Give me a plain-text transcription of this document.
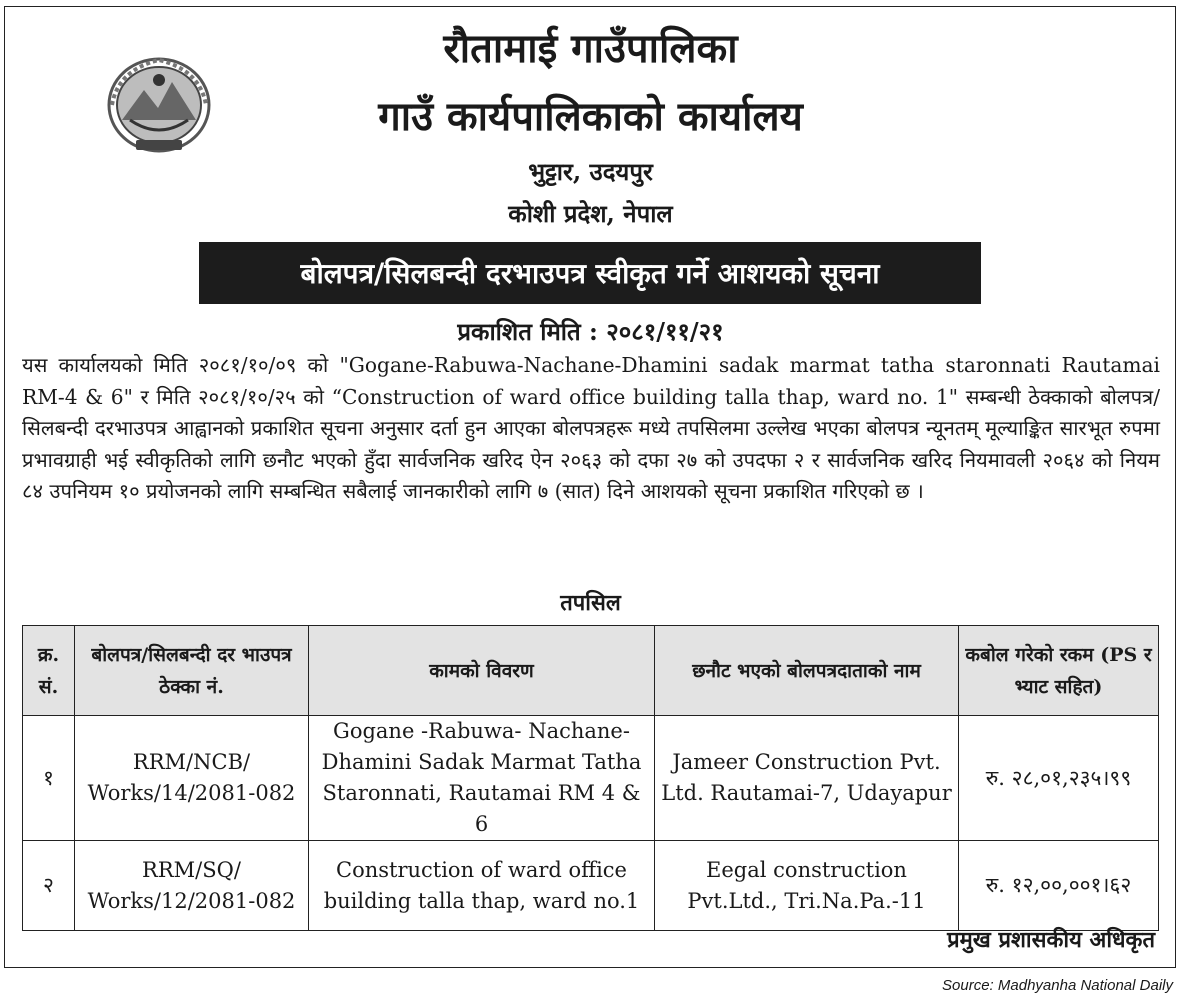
रौतामाई गाउँपालिका
गाउँ कार्यपालिकाको कार्यालय
भुट्टार, उदयपुर
कोशी प्रदेश, नेपाल
बोलपत्र/सिलबन्दी दरभाउपत्र स्वीकृत गर्ने आशयको सूचना
प्रकाशित मिति : २०८१/११/२१

यस कार्यालयको मिति २०८१/१०/०९ को "Gogane-Rabuwa-Nachane-Dhamini sadak marmat tatha staronnati Rautamai RM-4 & 6" र मिति २०८१/१०/२५ को “Construction of ward office building talla thap, ward no. 1" सम्बन्धी ठेक्काको बोलपत्र/सिलबन्दी दरभाउपत्र आह्वानको प्रकाशित सूचना अनुसार दर्ता हुन आएका बोलपत्रहरू मध्ये तपसिलमा उल्लेख भएका बोलपत्र न्यूनतम् मूल्याङ्कित सारभूत रुपमा प्रभावग्राही भई स्वीकृतिको लागि छनौट भएको हुँदा सार्वजनिक खरिद ऐन २०६३ को दफा २७ को उपदफा २ र सार्वजनिक खरिद नियमावली २०६४ को नियम ८४ उपनियम १० प्रयोजनको लागि सम्बन्धित सबैलाई जानकारीको लागि ७ (सात) दिने आशयको सूचना प्रकाशित गरिएको छ ।

तपसिल
क्र. सं.	बोलपत्र/सिलबन्दी दर भाउपत्र ठेक्का नं.	कामको विवरण	छनौट भएको बोलपत्रदाताको नाम	कबोल गरेको रकम (PS र भ्याट सहित)
१	RRM/NCB/ Works/14/2081-082	Gogane -Rabuwa- Nachane- Dhamini Sadak Marmat Tatha Staronnati, Rautamai RM 4 & 6	Jameer Construction Pvt. Ltd. Rautamai-7, Udayapur	रु. २८,०१,२३५।९९
२	RRM/SQ/ Works/12/2081-082	Construction of ward office building talla thap, ward no.1	Eegal construction Pvt.Ltd., Tri.Na.Pa.-11	रु. १२,००,००१।६२
प्रमुख प्रशासकीय अधिकृत
Source: Madhyanha National Daily
